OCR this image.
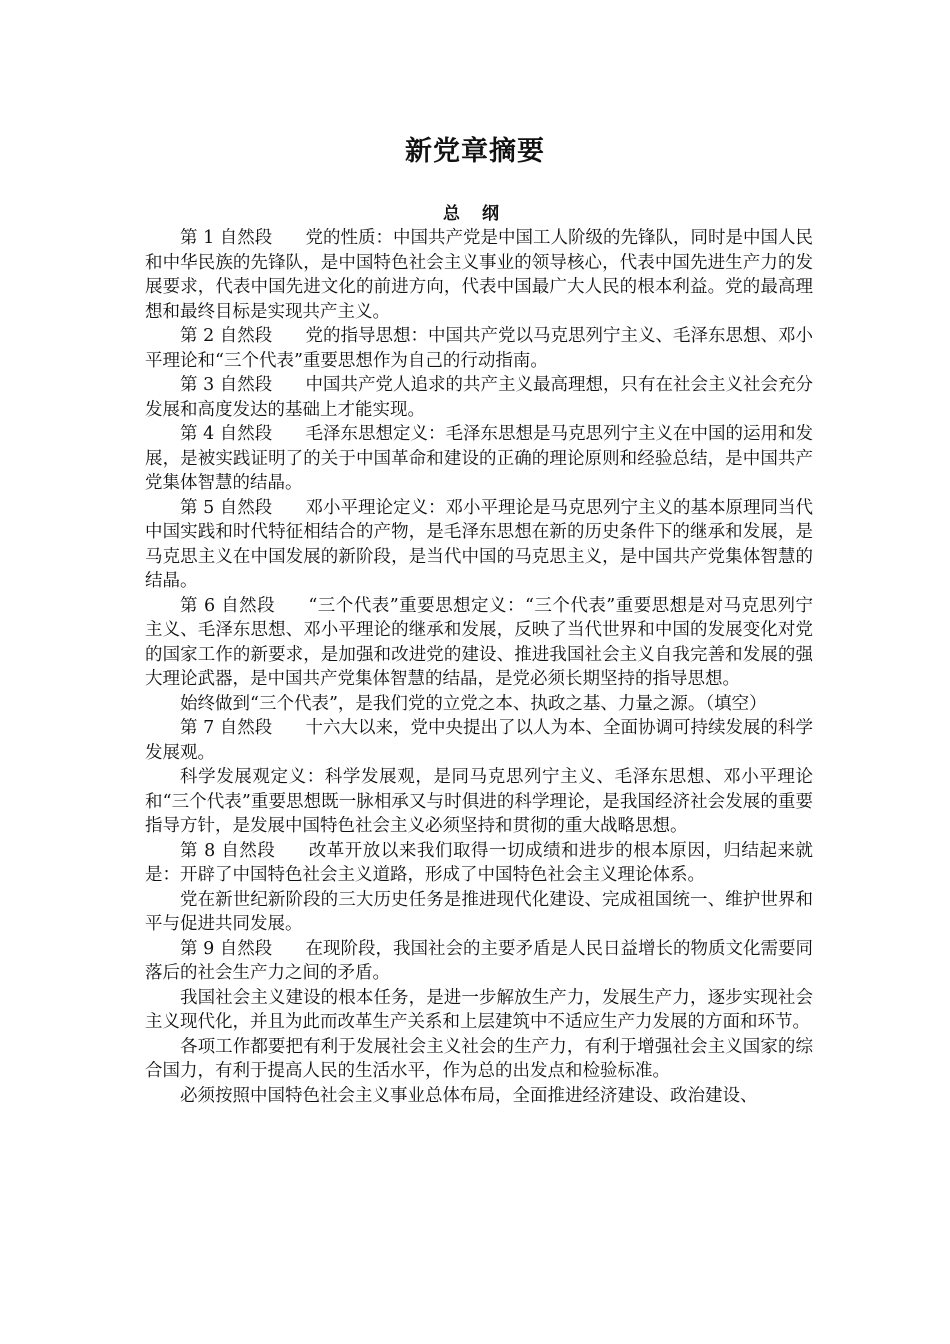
新党章摘要
总 纲

第 1 自然段 党的性质：中国共产党是中国工人阶级的先锋队，同时是中国人民和中华民族的先锋队，是中国特色社会主义事业的领导核心，代表中国先进生产力的发展要求，代表中国先进文化的前进方向，代表中国最广大人民的根本利益。党的最高理想和最终目标是实现共产主义。

第 2 自然段 党的指导思想：中国共产党以马克思列宁主义、毛泽东思想、邓小平理论和“三个代表”重要思想作为自己的行动指南。

第 3 自然段 中国共产党人追求的共产主义最高理想，只有在社会主义社会充分发展和高度发达的基础上才能实现。

第 4 自然段 毛泽东思想定义：毛泽东思想是马克思列宁主义在中国的运用和发展，是被实践证明了的关于中国革命和建设的正确的理论原则和经验总结，是中国共产党集体智慧的结晶。

第 5 自然段 邓小平理论定义：邓小平理论是马克思列宁主义的基本原理同当代中国实践和时代特征相结合的产物，是毛泽东思想在新的历史条件下的继承和发展，是马克思主义在中国发展的新阶段，是当代中国的马克思主义，是中国共产党集体智慧的结晶。

第 6 自然段 “三个代表”重要思想定义：“三个代表”重要思想是对马克思列宁主义、毛泽东思想、邓小平理论的继承和发展，反映了当代世界和中国的发展变化对党的国家工作的新要求，是加强和改进党的建设、推进我国社会主义自我完善和发展的强大理论武器，是中国共产党集体智慧的结晶，是党必须长期坚持的指导思想。

始终做到“三个代表”，是我们党的立党之本、执政之基、力量之源。（填空）

第 7 自然段 十六大以来，党中央提出了以人为本、全面协调可持续发展的科学发展观。

科学发展观定义：科学发展观，是同马克思列宁主义、毛泽东思想、邓小平理论和“三个代表”重要思想既一脉相承又与时俱进的科学理论，是我国经济社会发展的重要指导方针，是发展中国特色社会主义必须坚持和贯彻的重大战略思想。

第 8 自然段 改革开放以来我们取得一切成绩和进步的根本原因，归结起来就是：开辟了中国特色社会主义道路，形成了中国特色社会主义理论体系。

党在新世纪新阶段的三大历史任务是推进现代化建设、完成祖国统一、维护世界和平与促进共同发展。

第 9 自然段 在现阶段，我国社会的主要矛盾是人民日益增长的物质文化需要同落后的社会生产力之间的矛盾。

我国社会主义建设的根本任务，是进一步解放生产力，发展生产力，逐步实现社会主义现代化，并且为此而改革生产关系和上层建筑中不适应生产力发展的方面和环节。

各项工作都要把有利于发展社会主义社会的生产力，有利于增强社会主义国家的综合国力，有利于提高人民的生活水平，作为总的出发点和检验标准。

必须按照中国特色社会主义事业总体布局，全面推进经济建设、政治建设、
